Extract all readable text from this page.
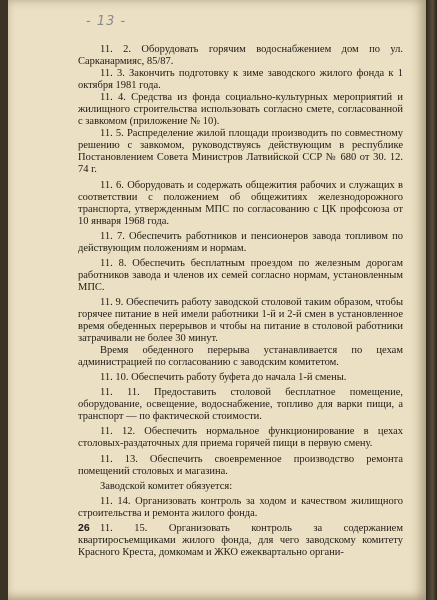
- 13 -

11. 2. Оборудовать горячим водоснабжением дом по ул. Сарканармияс, 85/87.

11. 3. Закончить подготовку к зиме заводского жилого фонда к 1 октября 1981 года.

11. 4. Средства из фонда социально-культурных мероприятий и жилищного строительства использовать согласно смете, согласованной с завкомом (приложение № 10).

11. 5. Распределение жилой площади производить по совместному решению с завкомом, руководствуясь действующим в республике Постановлением Совета Министров Латвийской ССР № 680 от 30. 12. 74 г.

11. 6. Оборудовать и содержать общежития рабочих и служащих в соответствии с положением об общежитиях железнодорожного транспорта, утвержденным МПС по согласованию с ЦК профсоюза от 10 января 1968 года.

11. 7. Обеспечить работников и пенсионеров завода топливом по действующим положениям и нормам.

11. 8. Обеспечить бесплатным проездом по железным дорогам работников завода и членов их семей согласно нормам, установленным МПС.

11. 9. Обеспечить работу заводской столовой таким образом, чтобы горячее питание в ней имели работники 1-й и 2-й смен в установленное время обеденных перерывов и чтобы на питание в столовой работники затрачивали не более 30 минут.

Время обеденного перерыва устанавливается по цехам администрацией по согласованию с заводским комитетом.

11. 10. Обеспечить работу буфета до начала 1-й смены.

11. 11. Предоставить столовой бесплатное помещение, оборудование, освещение, водоснабжение, топливо для варки пищи, а транспорт — по фактической стоимости.

11. 12. Обеспечить нормальное функционирование в цехах столовых-раздаточных для приема горячей пищи в первую смену.

11. 13. Обеспечить своевременное производство ремонта помещений столовых и магазина.

Заводской комитет обязуется:

11. 14. Организовать контроль за ходом и качеством жилищного строительства и ремонта жилого фонда.

11. 15. Организовать контроль за содержанием квартиросъемщиками жилого фонда, для чего заводскому комитету Красного Креста, домкомам и ЖКО ежеквартально органи-

26
